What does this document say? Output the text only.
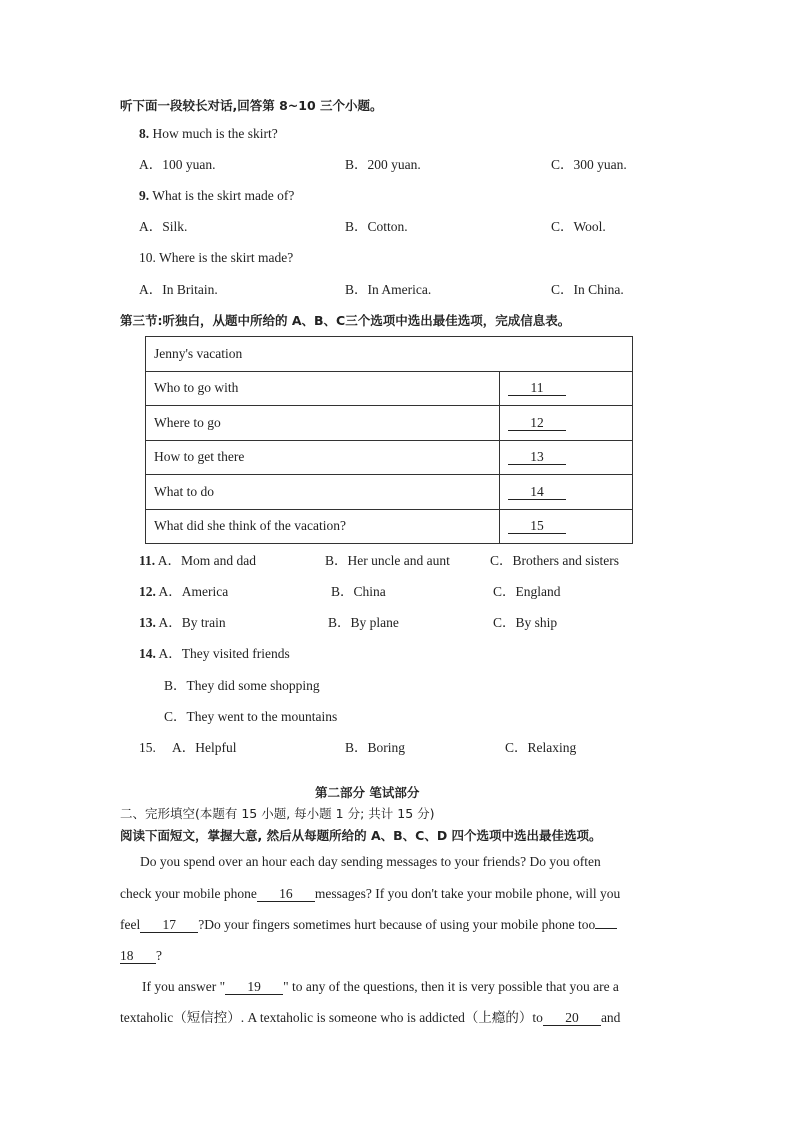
听下面一段较长对话,回答第 8~10 三个小题。
8. How much is the skirt?
A．100 yuan.	B．200 yuan.	C．300 yuan.
9. What is the skirt made of?
A．Silk.	B．Cotton.	C．Wool.
10. Where is the skirt made?
A．In Britain.	B．In America.	C．In China.
第三节:听独白，从题中所给的 A、B、C三个选项中选出最佳选项，完成信息表。
Jenny's vacation	
Who to go with	11
Where to go	12
How to get there	13
What to do	14
What did she think of the vacation?	15
11. A．Mom and dad	B．Her uncle and aunt	C．Brothers and sisters
12. A．America	B．China	C．England
13. A．By train	B．By plane	C．By ship
14. A．They visited friends
B．They did some shopping
C．They went to the mountains
15. A．Helpful	B．Boring	C．Relaxing
第二部分 笔试部分
二、完形填空(本题有 15 小题, 每小题 1 分; 共计 15 分)
阅读下面短文，掌握大意, 然后从每题所给的 A、B、C、D 四个选项中选出最佳选项。
Do you spend over an hour each day sending messages to your friends? Do you often
check your mobile phone 16 messages? If you don't take your mobile phone, will you
feel 17 ?Do your fingers sometimes hurt because of using your mobile phone too
18 ?
If you answer " 19 " to any of the questions, then it is very possible that you are a
textaholic（短信控）. A textaholic is someone who is addicted（上瘾的）to 20 and
